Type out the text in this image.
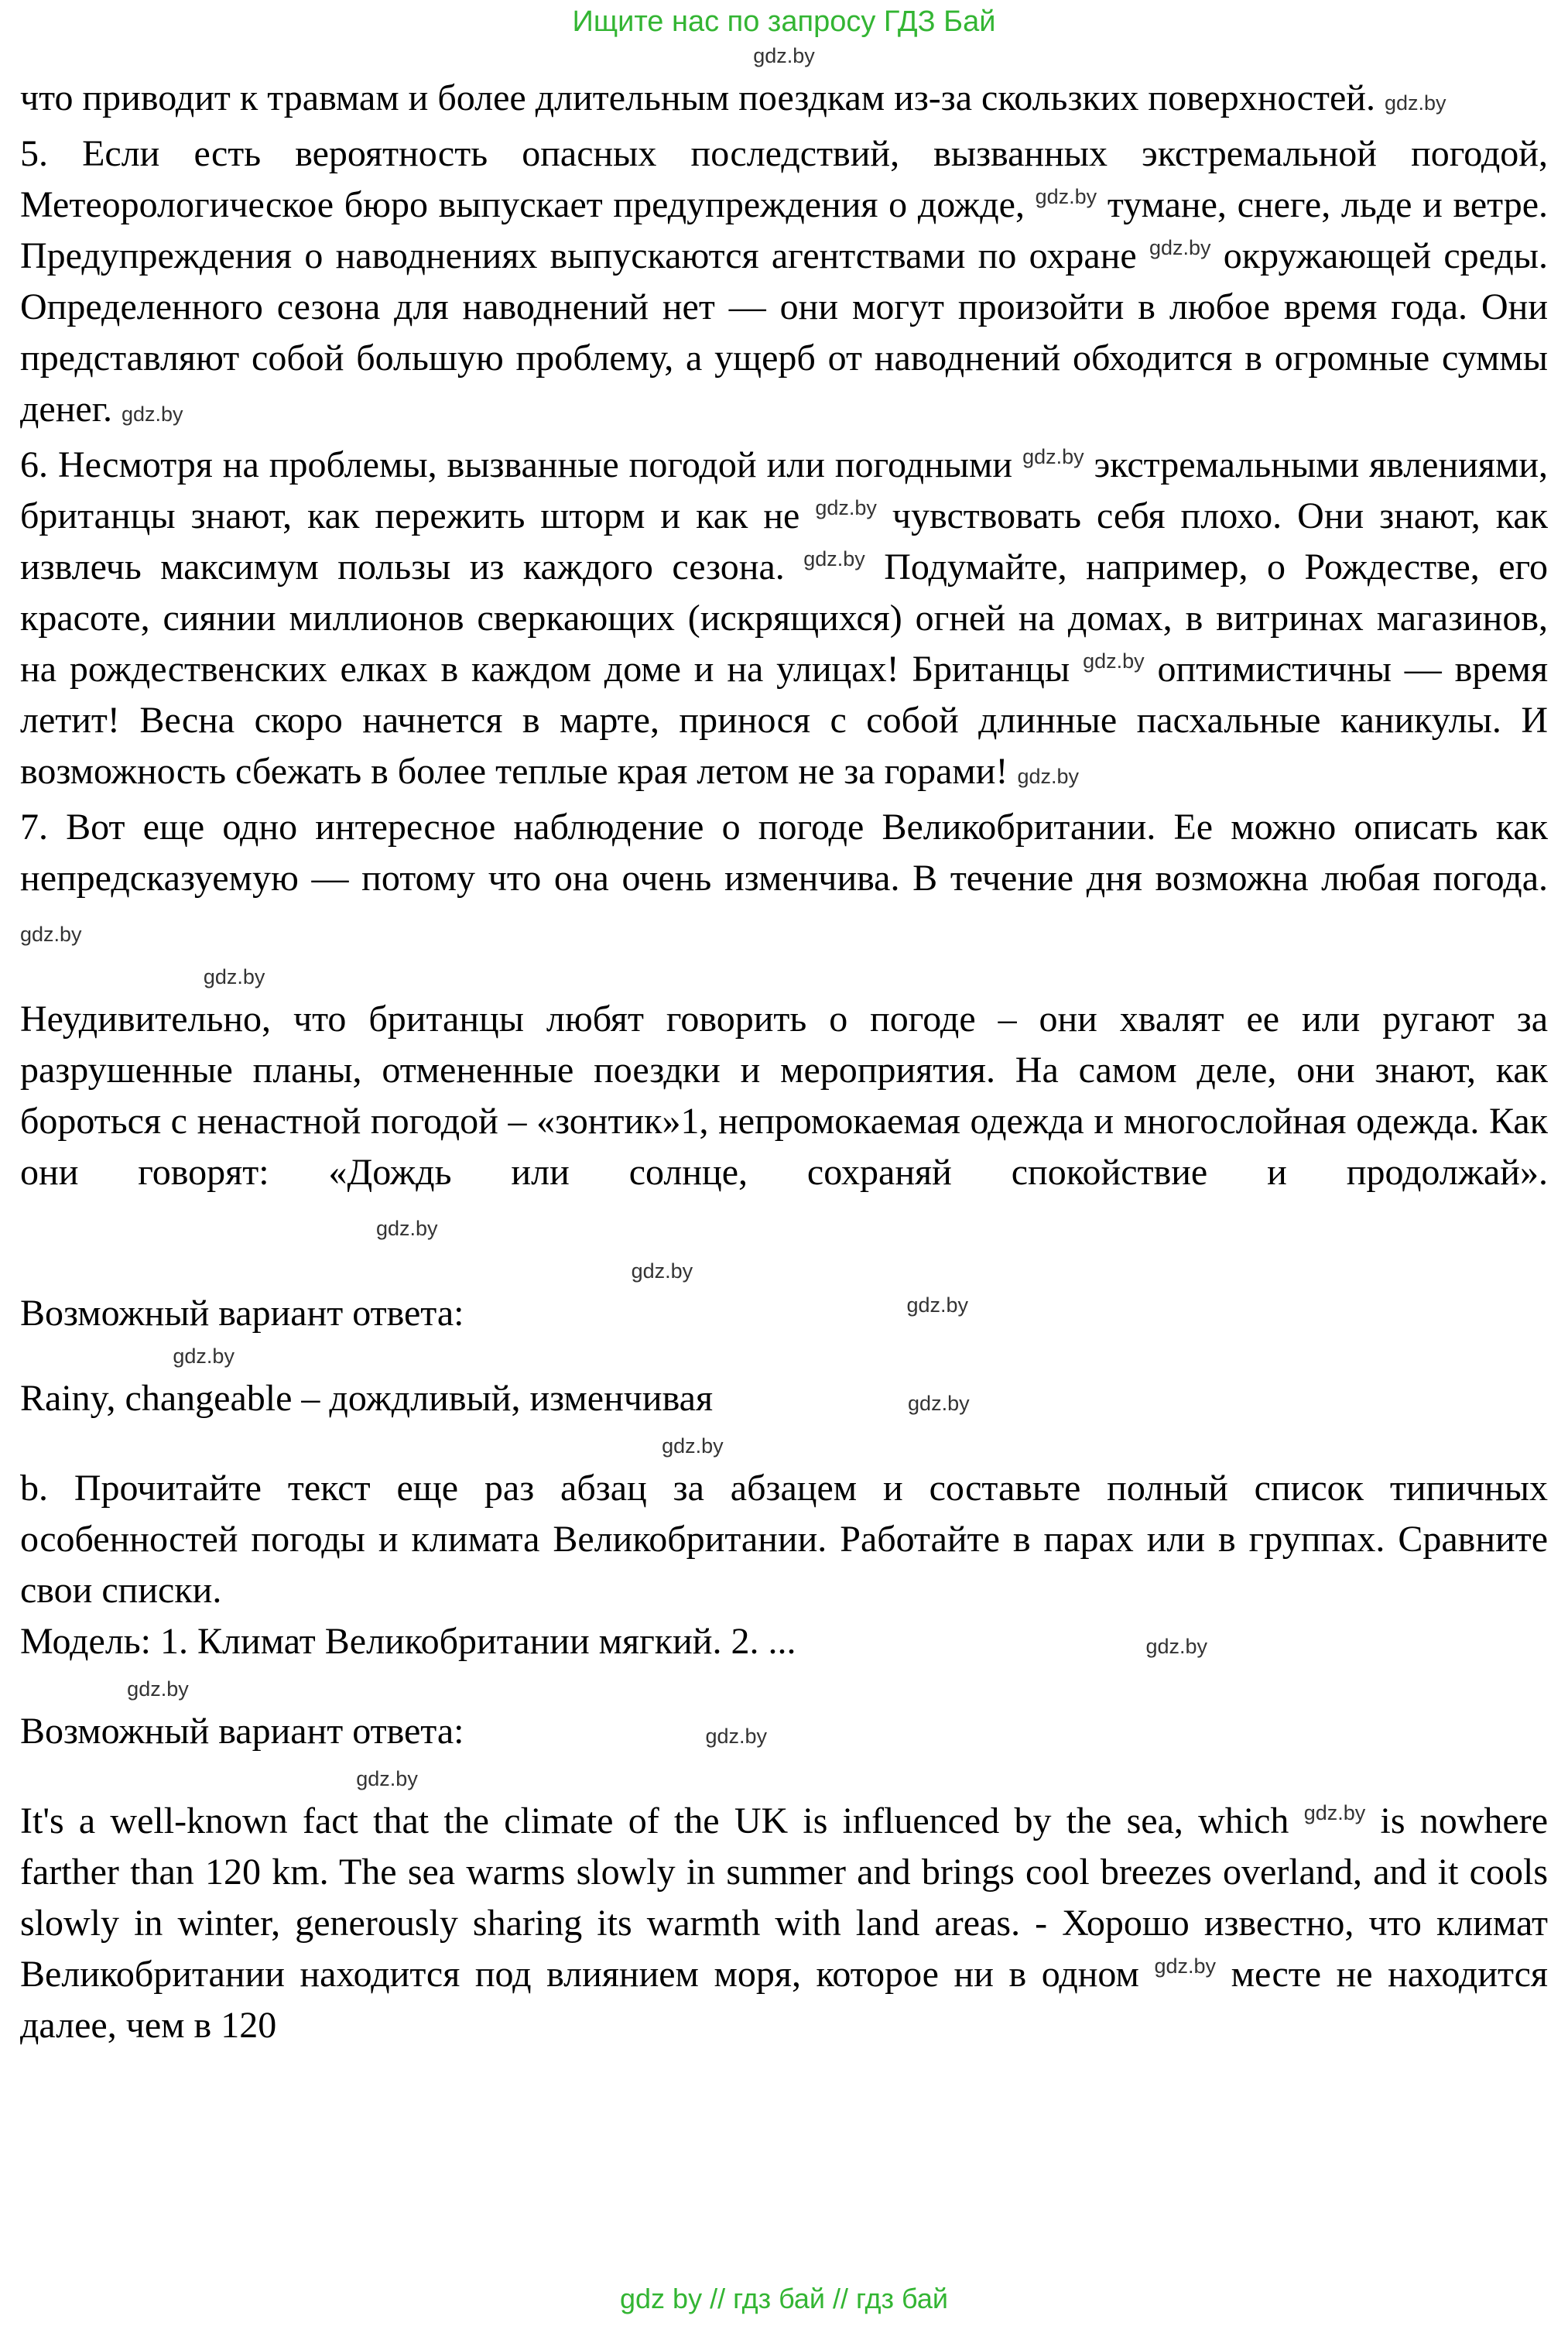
Ищите нас по запросу ГДЗ Бай
gdz.by

что приводит к травмам и более длительным поездкам из-за скользких поверхностей. gdz.by

5. Если есть вероятность опасных последствий, вызванных экстремальной погодой, Метеорологическое бюро выпускает предупреждения о дожде, $^{gdz.by}$ тумане, снеге, льде и ветре. Предупреждения о наводнениях выпускаются агентствами по охране $^{gdz.by}$ окружающей среды. Определенного сезона для наводнений нет — они могут произойти в любое время года. Они представляют собой большую проблему, а ущерб от наводнений обходится в огромные суммы денег. gdz.by

6. Несмотря на проблемы, вызванные погодой или погодными $^{gdz.by}$ экстремальными явлениями, британцы знают, как пережить шторм и как не $^{gdz.by}$ чувствовать себя плохо. Они знают, как извлечь максимум пользы из каждого сезона. $^{gdz.by}$ Подумайте, например, о Рождестве, его красоте, сиянии миллионов сверкающих (искрящихся) огней на домах, в витринах магазинов, на рождественских елках в каждом доме и на улицах! Британцы $^{gdz.by}$ оптимистичны — время летит! Весна скоро начнется в марте, принося с собой длинные пасхальные каникулы. И возможность сбежать в более теплые края летом не за горами! gdz.by

7. Вот еще одно интересное наблюдение о погоде Великобритании. Ее можно описать как непредсказуемую — потому что она очень изменчива. В течение дня возможна любая погода. gdz.by

gdz.by

Неудивительно, что британцы любят говорить о погоде – они хвалят ее или ругают за разрушенные планы, отмененные поездки и мероприятия. На самом деле, они знают, как бороться с ненастной погодой – «зонтик»1, непромокаемая одежда и многослойная одежда. Как они говорят: «Дождь или солнце, сохраняй спокойствие и продолжай». gdz.by

gdz.by

Возможный вариант ответа:	$^{gdz.by}$

gdz.by

Rainy, changeable – дождливый, изменчивая	gdz.by

gdz.by

b. Прочитайте текст еще раз абзац за абзацем и составьте полный список типичных особенностей погоды и климата Великобритании. Работайте в парах или в группах. Сравните свои списки.

Модель: 1. Климат Великобритании мягкий. 2. ...	gdz.by

gdz.by

Возможный вариант ответа:	gdz.by

gdz.by

It's a well-known fact that the climate of the UK is influenced by the sea, which $^{gdz.by}$ is nowhere farther than 120 km. The sea warms slowly in summer and brings cool breezes overland, and it cools slowly in winter, generously sharing its warmth with land areas. - Хорошо известно, что климат Великобритании находится под влиянием моря, которое ни в одном $^{gdz.by}$ месте не находится далее, чем в 120

gdz by // гдз бай // гдз бай
